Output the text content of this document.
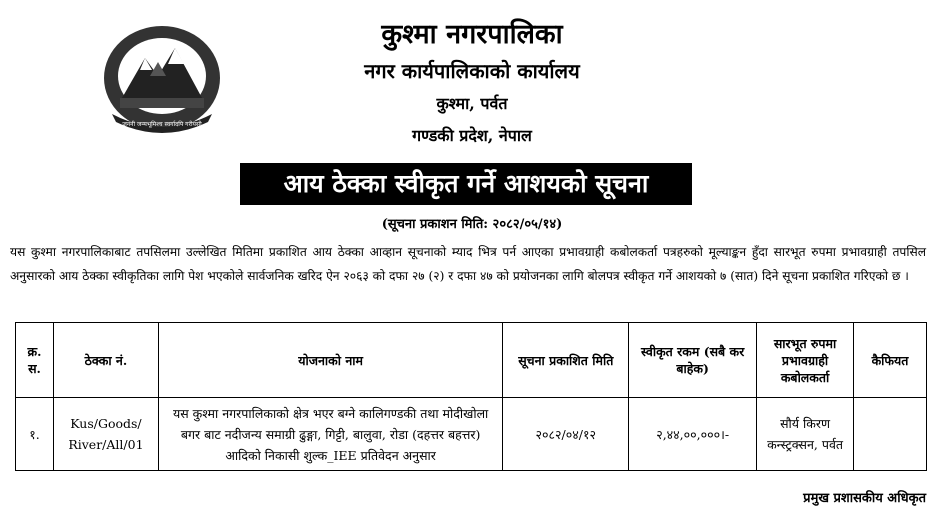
जननी जन्मभूमिश्च स्वर्गादपि गरीयसी
कुश्मा नगरपालिका
नगर कार्यपालिकाको कार्यालय
कुश्मा, पर्वत
गण्डकी प्रदेश, नेपाल
आय ठेक्का स्वीकृत गर्ने आशयको सूचना
(सूचना प्रकाशन मिति: २०८२/०५/१४)
यस कुश्मा नगरपालिकाबाट तपसिलमा उल्लेखित मितिमा प्रकाशित आय ठेक्का आव्हान सूचनाको म्याद भित्र पर्न आएका प्रभावग्राही कबोलकर्ता पत्रहरुको मूल्याङ्कन हुँदा सारभूत रुपमा प्रभावग्राही तपसिल अनुसारको आय ठेक्का स्वीकृतिका लागि पेश भएकोले सार्वजनिक खरिद ऐन २०६३ को दफा २७ (२) र दफा ४७ को प्रयोजनका लागि बोलपत्र स्वीकृत गर्ने आशयको ७ (सात) दिने सूचना प्रकाशित गरिएको छ ।
क्र. स.	ठेक्का नं.	योजनाको नाम	सूचना प्रकाशित मिति	स्वीकृत रकम (सबै कर बाहेक)	सारभूत रुपमा प्रभावग्राही कबोलकर्ता	कैफियत
१.	Kus/Goods/ River/All/01	यस कुश्मा नगरपालिकाको क्षेत्र भएर बग्ने कालिगण्डकी तथा मोदीखोला बगर बाट नदीजन्य समाग्री ढुङ्गा, गिट्टी, बालुवा, रोडा (दहत्तर बहत्तर) आदिको निकासी शुल्क_IEE प्रतिवेदन अनुसार	२०८२/०४/१२	२,४४,००,०००।-	सौर्य किरण कन्स्ट्रक्सन, पर्वत	
प्रमुख प्रशासकीय अधिकृत
